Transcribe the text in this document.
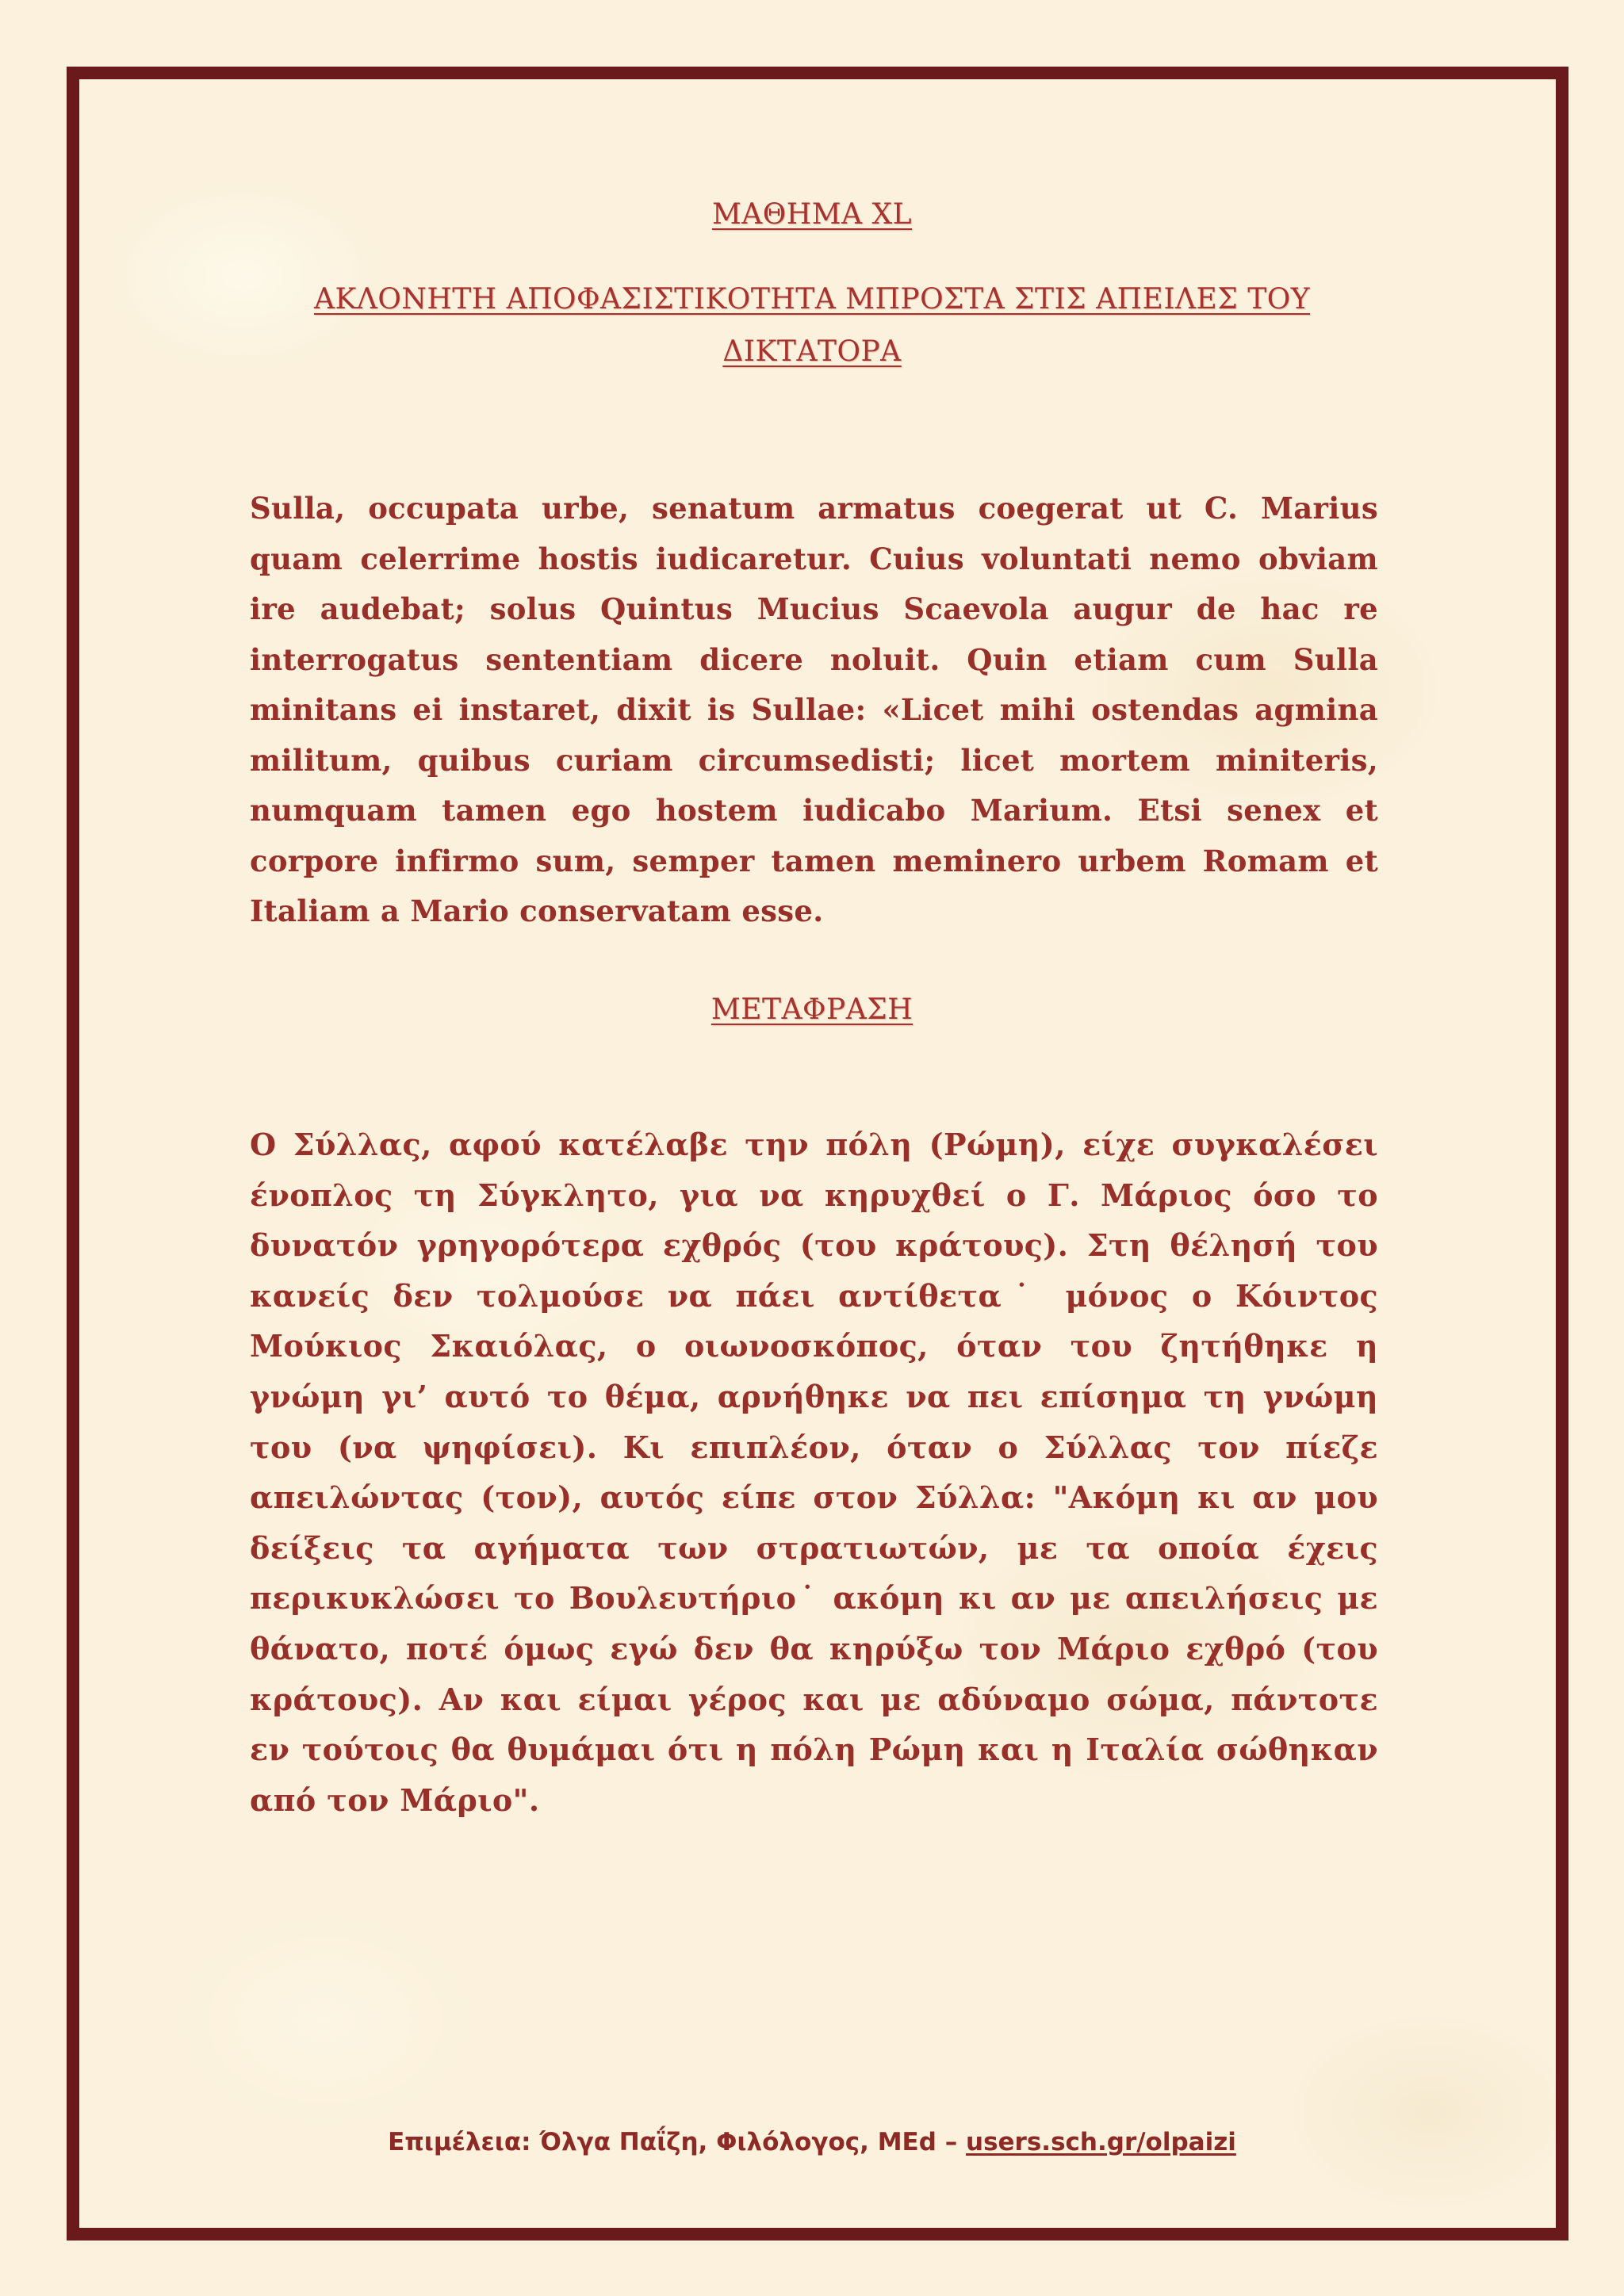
ΜΑΘΗΜΑ XL
ΑΚΛΟΝΗΤΗ ΑΠΟΦΑΣΙΣΤΙΚΟΤΗΤΑ ΜΠΡΟΣΤΑ ΣΤΙΣ ΑΠΕΙΛΕΣ ΤΟΥ ΔΙΚΤΑΤΟΡΑ

Sulla, occupata urbe, senatum armatus coegerat ut C. Marius quam celerrime hostis iudicaretur. Cuius voluntati nemo obviam ire audebat; solus Quintus Mucius Scaevola augur de hac re interrogatus sententiam dicere noluit. Quin etiam cum Sulla minitans ei instaret, dixit is Sullae: «Licet mihi ostendas agmina militum, quibus curiam circumsedisti; licet mortem miniteris, numquam tamen ego hostem iudicabo Marium. Etsi senex et corpore infirmo sum, semper tamen meminero urbem Romam et Italiam a Mario conservatam esse.

ΜΕΤΑΦΡΑΣΗ

Ο Σύλλας, αφού κατέλαβε την πόλη (Ρώμη), είχε συγκαλέσει ένοπλος τη Σύγκλητο, για να κηρυχθεί ο Γ. Μάριος όσο το δυνατόν γρηγορότερα εχθρός (του κράτους). Στη θέλησή του κανείς δεν τολμούσε να πάει αντίθετα˙ μόνος ο Κόιντος Μούκιος Σκαιόλας, ο οιωνοσκόπος, όταν του ζητήθηκε η γνώμη γι’ αυτό το θέμα, αρνήθηκε να πει επίσημα τη γνώμη του (να ψηφίσει). Κι επιπλέον, όταν ο Σύλλας τον πίεζε απειλώντας (τον), αυτός είπε στον Σύλλα: "Ακόμη κι αν μου δείξεις τα αγήματα των στρατιωτών, με τα οποία έχεις περικυκλώσει το Βουλευτήριο˙ ακόμη κι αν με απειλήσεις με θάνατο, ποτέ όμως εγώ δεν θα κηρύξω τον Μάριο εχθρό (του κράτους). Αν και είμαι γέρος και με αδύναμο σώμα, πάντοτε εν τούτοις θα θυμάμαι ότι η πόλη Ρώμη και η Ιταλία σώθηκαν από τον Μάριο".

Επιμέλεια: Όλγα Παΐζη, Φιλόλογος, MEd – users.sch.gr/olpaizi
